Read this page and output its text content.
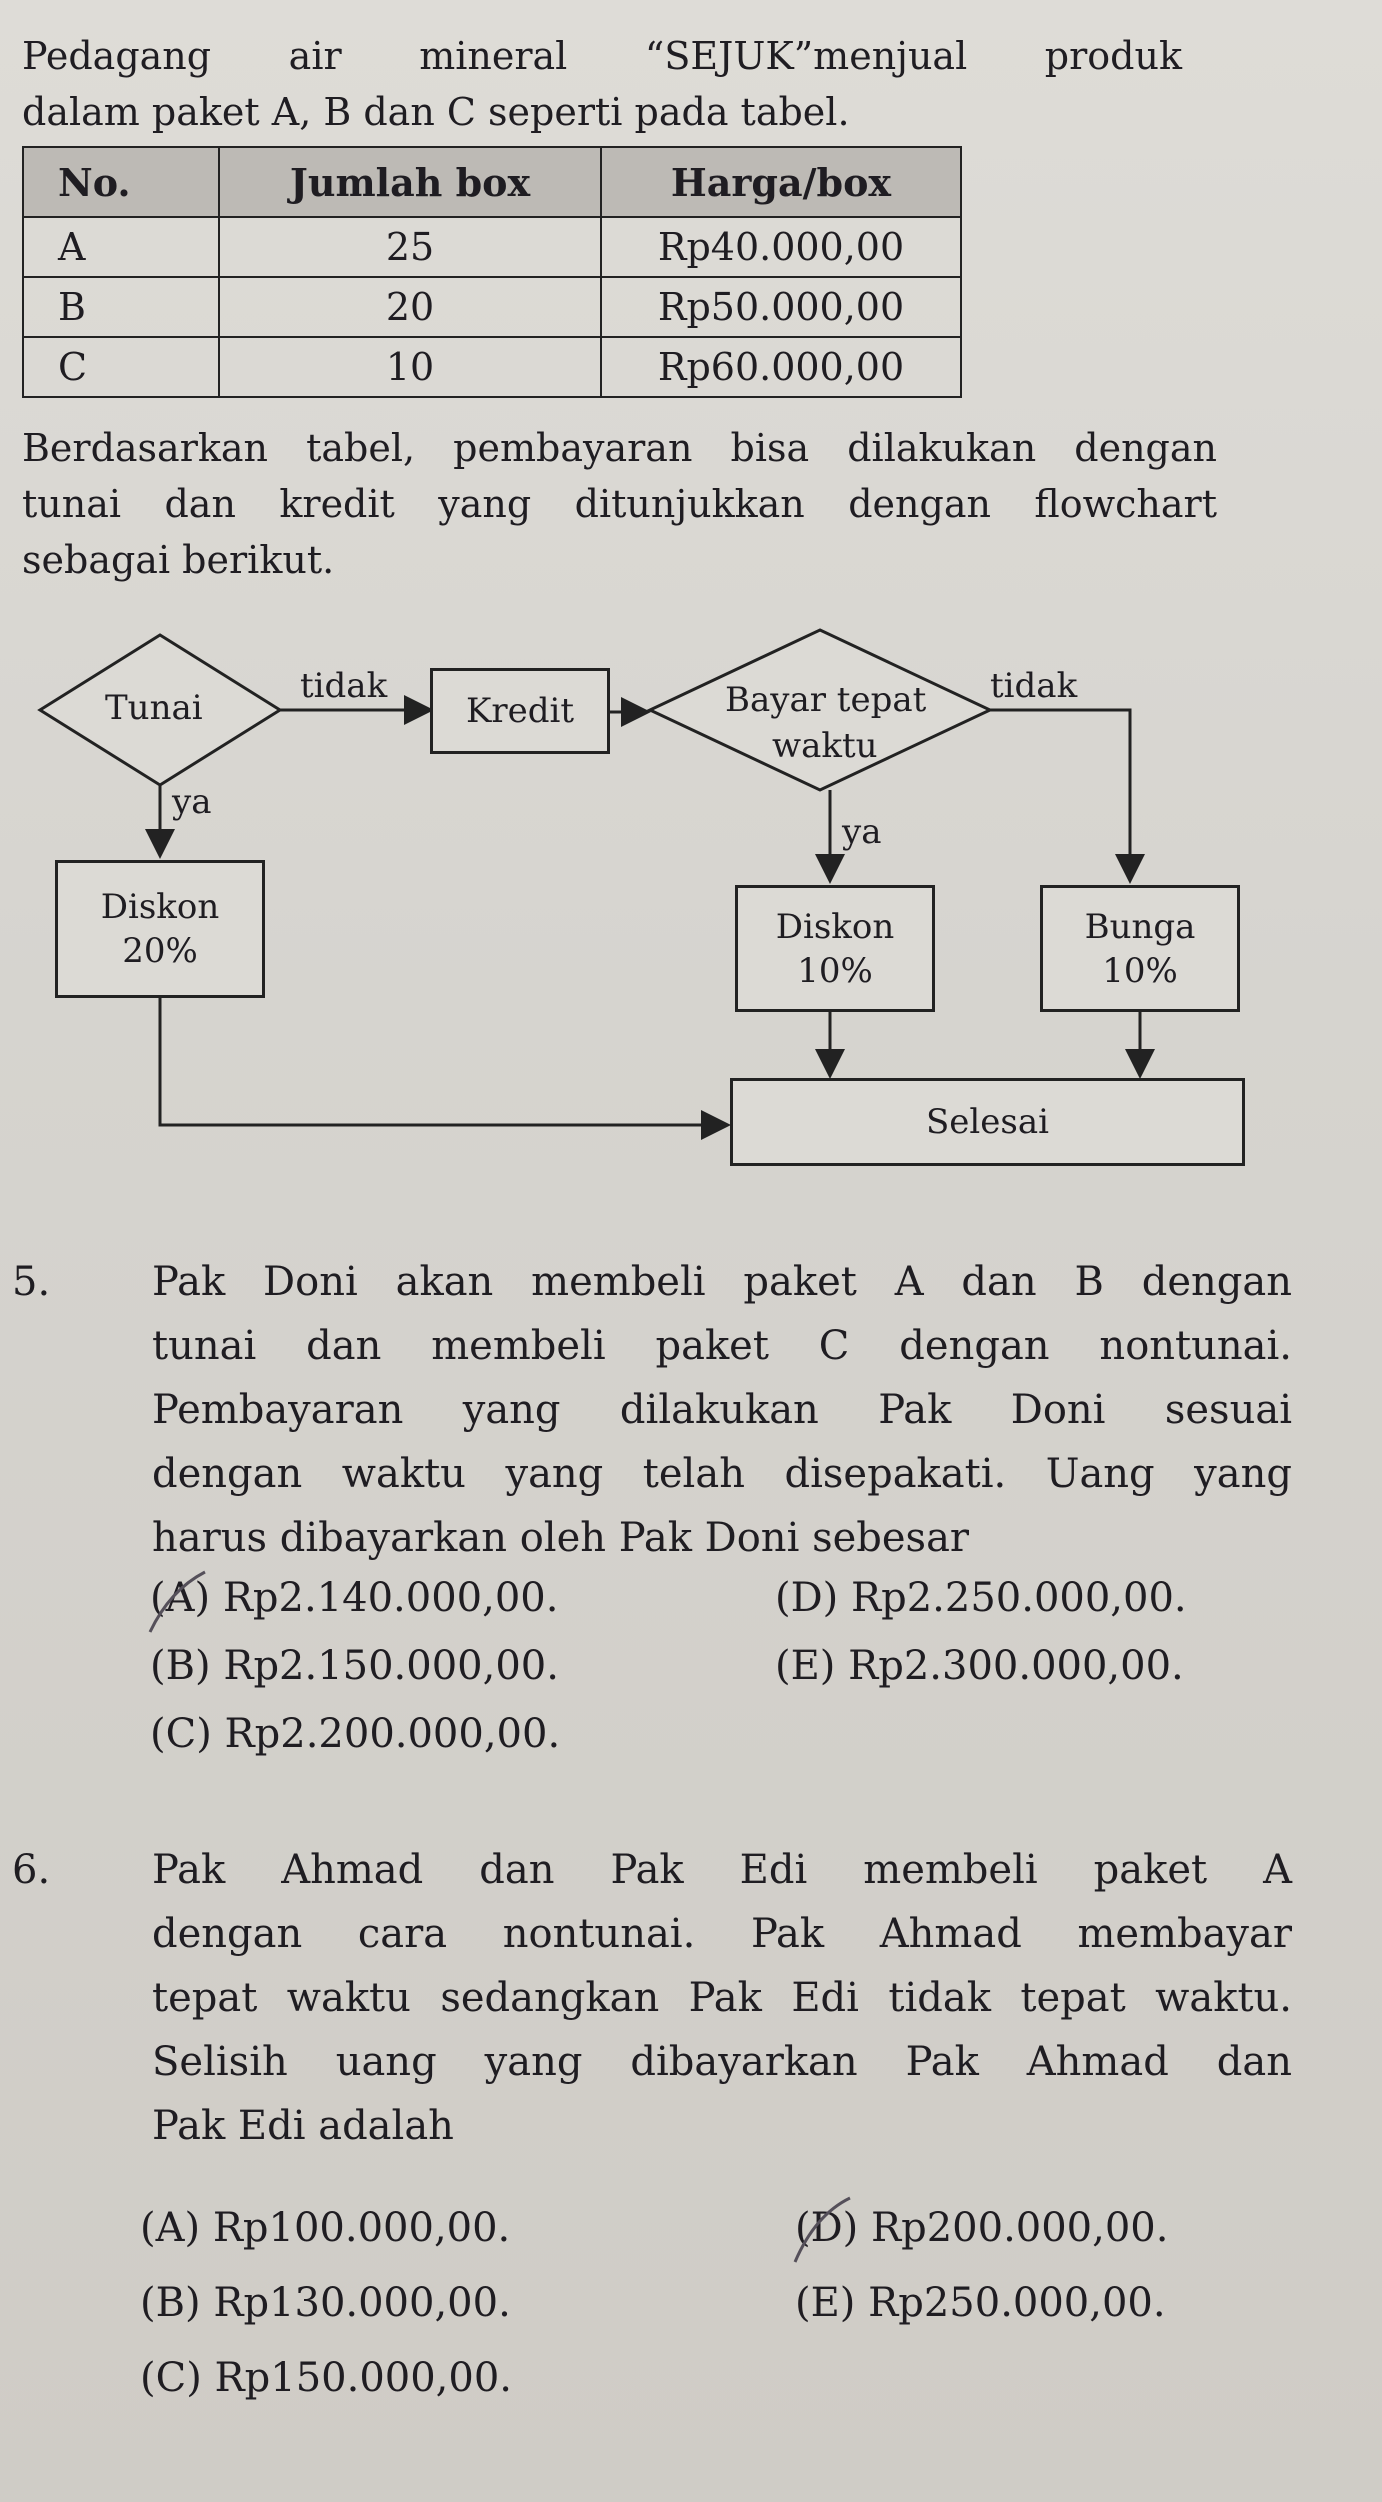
Pedagang air mineral “SEJUK”menjual produk
dalam paket A, B dan C seperti pada tabel.
No.	Jumlah box	Harga/box
A	25	Rp40.000,00
B	20	Rp50.000,00
C	10	Rp60.000,00
Berdasarkan tabel, pembayaran bisa dilakukan dengan
tunai dan kredit yang ditunjukkan dengan flowchart
sebagai berikut.
Tunai
tidak	tidak
Bayar tepat
waktu
ya
ya
Kredit
Diskon
20%
Diskon
10%
Bunga
10%
Selesai
5.	Pak Doni akan membeli paket A dan B dengan
tunai dan membeli paket C dengan nontunai.
Pembayaran yang dilakukan Pak Doni sesuai
dengan waktu yang telah disepakati. Uang yang
harus dibayarkan oleh Pak Doni sebesar
(A) Rp2.140.000,00.
(B) Rp2.150.000,00.
(C) Rp2.200.000,00.
(D) Rp2.250.000,00.
(E) Rp2.300.000,00.
6.	Pak Ahmad dan Pak Edi membeli paket A
dengan cara nontunai. Pak Ahmad membayar
tepat waktu sedangkan Pak Edi tidak tepat waktu.
Selisih uang yang dibayarkan Pak Ahmad dan
Pak Edi adalah
(A) Rp100.000,00.
(B) Rp130.000,00.
(C) Rp150.000,00.
(D) Rp200.000,00.
(E) Rp250.000,00.
